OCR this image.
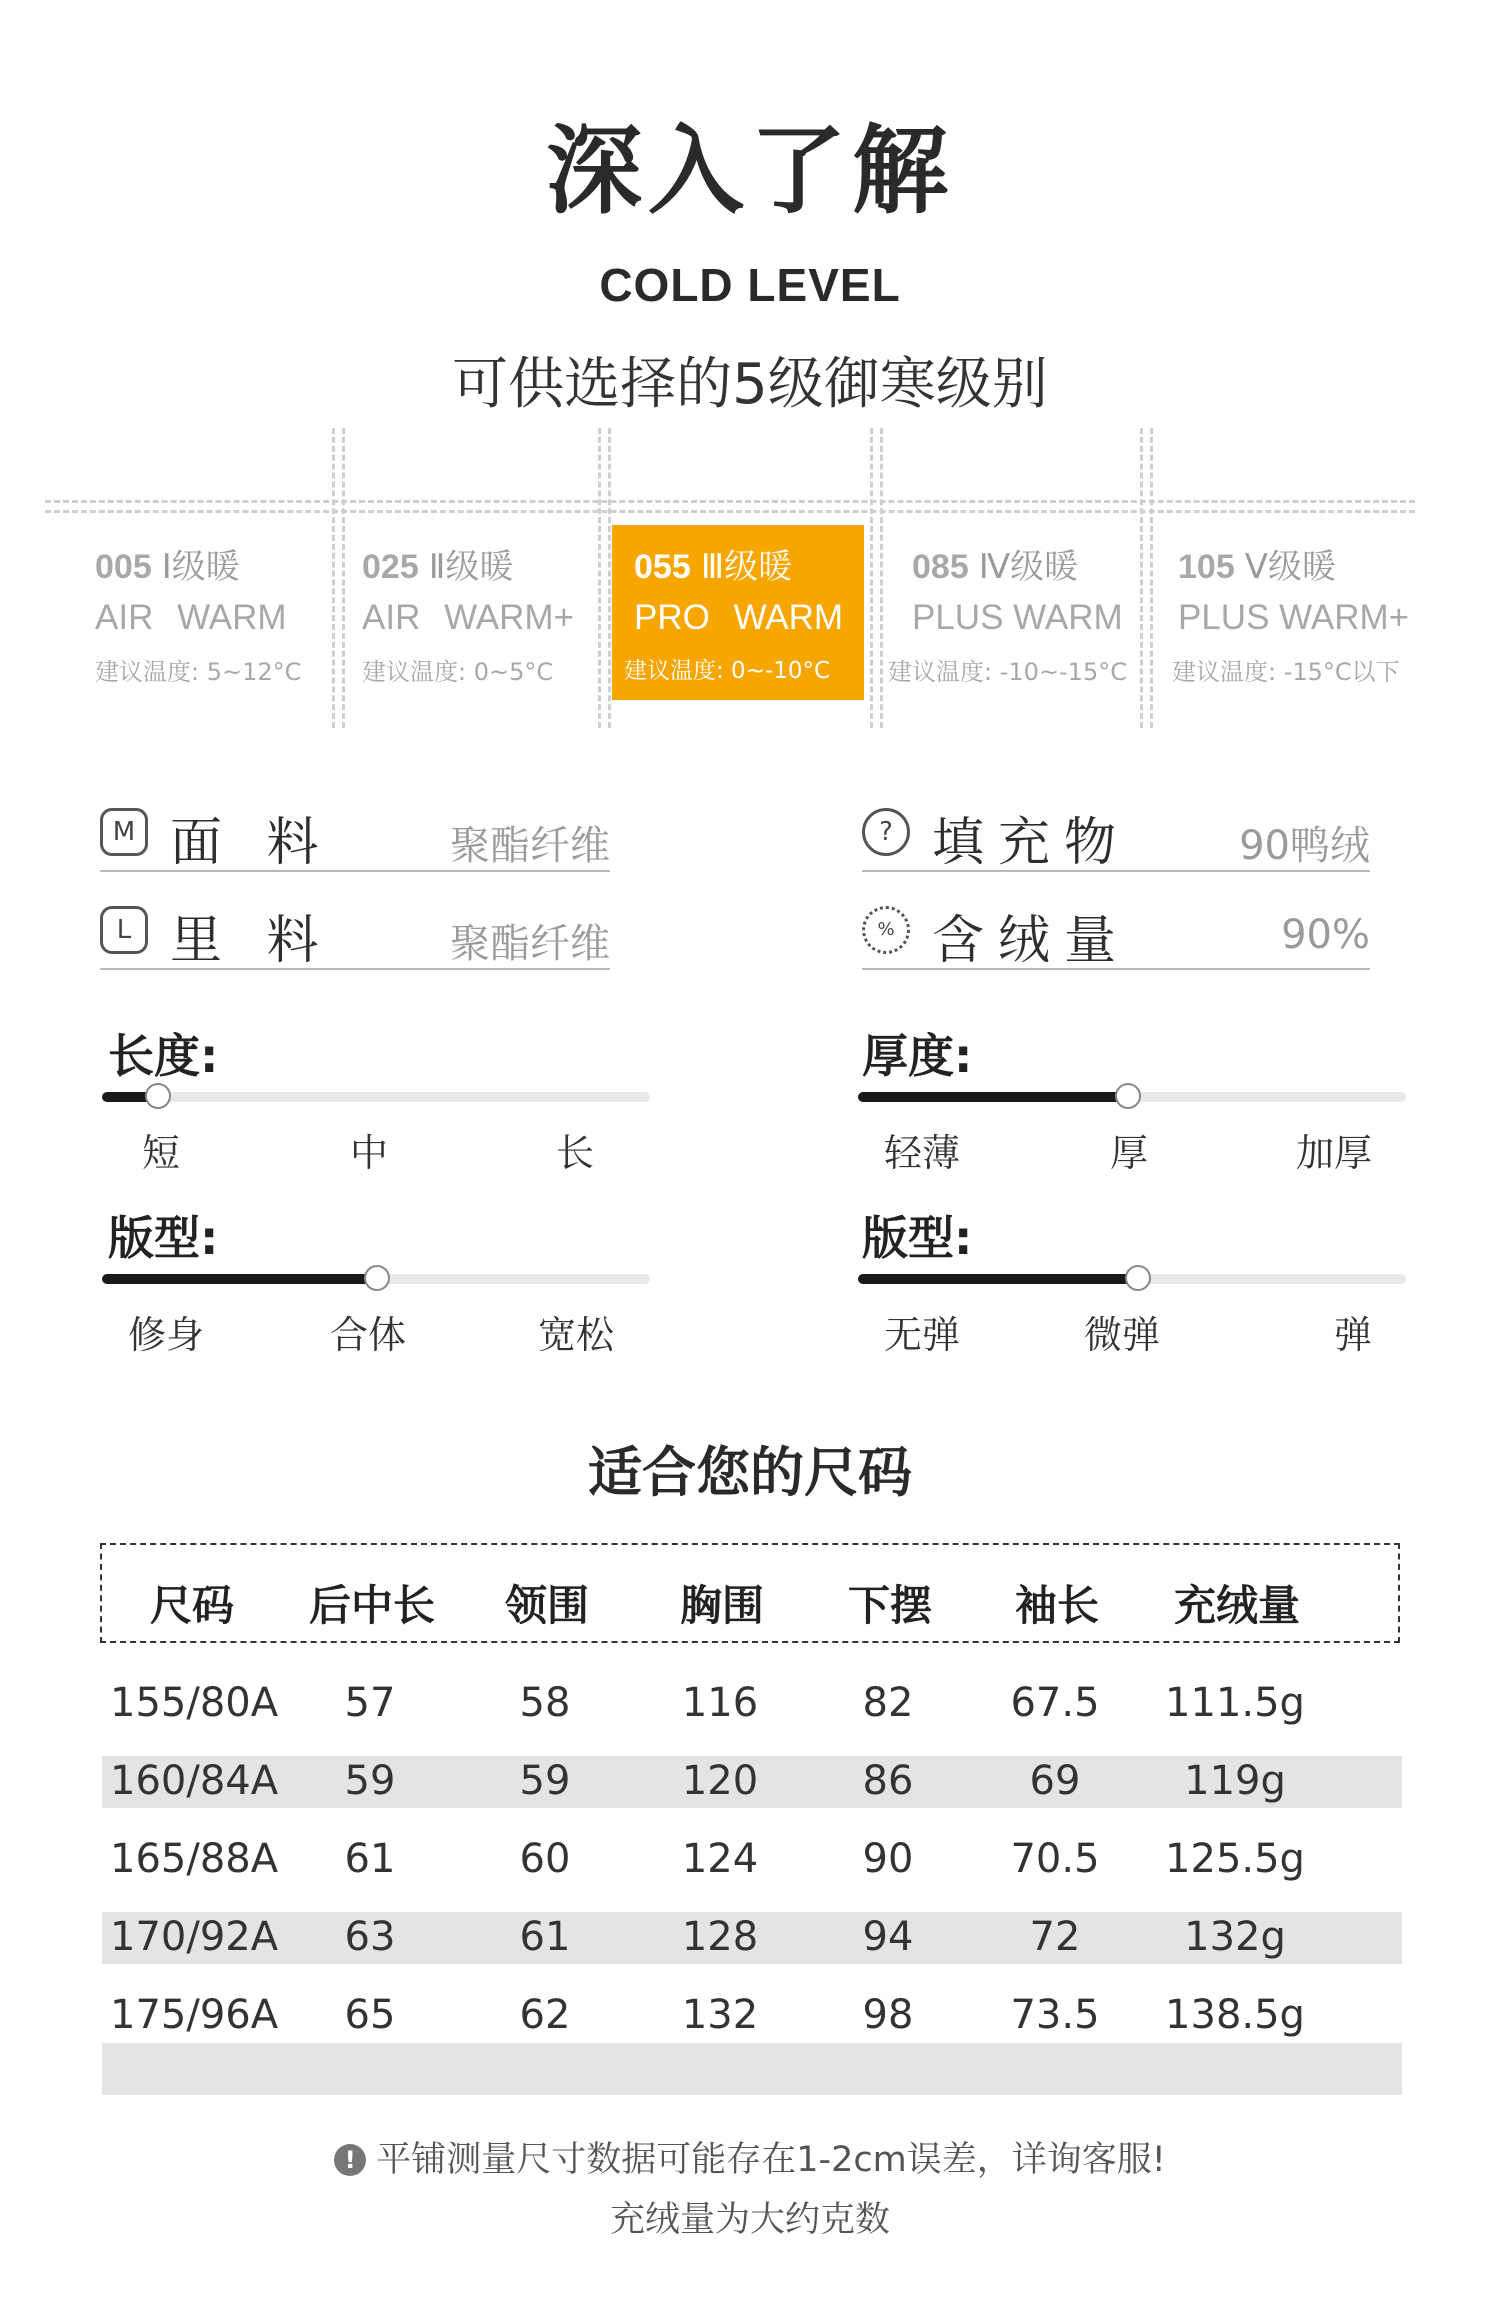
深入了解
COLD LEVEL
可供选择的5级御寒级别
005 Ⅰ级暖
AIR WARM
建议温度: 5~12°C
025 Ⅱ级暖
AIR WARM+
建议温度: 0~5°C
055 Ⅲ级暖
PRO WARM
建议温度: 0~-10°C
085 Ⅳ级暖
PLUS WARM
建议温度: -10~-15°C
105 Ⅴ级暖
PLUS WARM+
建议温度: -15°C以下
M 面 料	聚酯纤维	? 填充物	90鸭绒
L 里 料	聚酯纤维	% 含绒量	90%
长度:
短	中	长
厚度:
轻薄	厚	加厚
版型:
修身	合体	宽松
版型:
无弹	微弹	弹
适合您的尺码
尺码	后中长	领围	胸围	下摆	袖长	充绒量
155/80A	57	58	116	82	67.5	111.5g
160/84A	59	59	120	86	69	119g
165/88A	61	60	124	90	70.5	125.5g
170/92A	63	61	128	94	72	132g
175/96A	65	62	132	98	73.5	138.5g
! 平铺测量尺寸数据可能存在1-2cm误差，详询客服!
充绒量为大约克数
